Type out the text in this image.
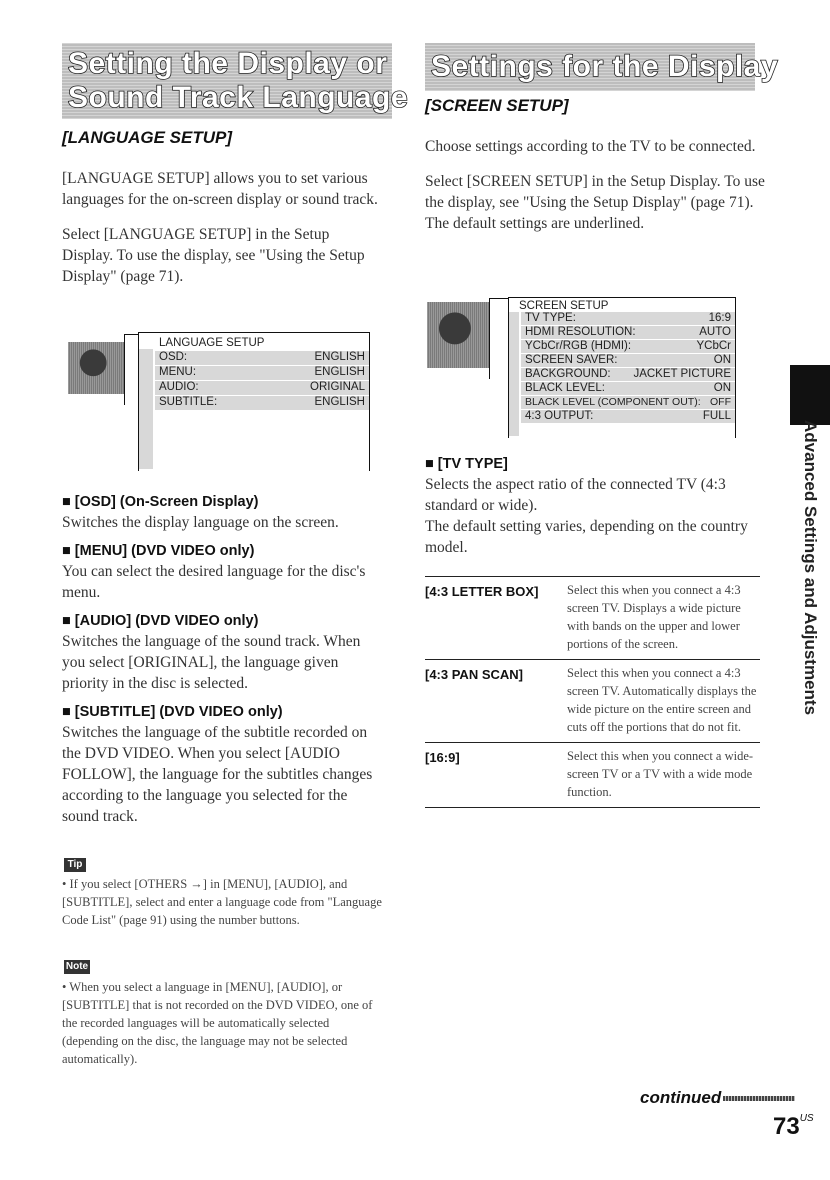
Setting the Display or
Sound Track Language
[LANGUAGE SETUP]

[LANGUAGE SETUP] allows you to set various languages for the on-screen display or sound track.

Select [LANGUAGE SETUP] in the Setup Display. To use the display, see "Using the Setup Display" (page 71).

LANGUAGE SETUP
OSD:	ENGLISH
MENU:	ENGLISH
AUDIO:	ORIGINAL
SUBTITLE:	ENGLISH
■ [OSD] (On-Screen Display)

Switches the display language on the screen.

■ [MENU] (DVD VIDEO only)

You can select the desired language for the disc's menu.

■ [AUDIO] (DVD VIDEO only)

Switches the language of the sound track. When you select [ORIGINAL], the language given priority in the disc is selected.

■ [SUBTITLE] (DVD VIDEO only)

Switches the language of the subtitle recorded on the DVD VIDEO. When you select [AUDIO FOLLOW], the language for the subtitles changes according to the language you selected for the sound track.

Tip
• If you select [OTHERS →] in [MENU], [AUDIO], and [SUBTITLE], select and enter a language code from "Language Code List" (page 91) using the number buttons.
Note
• When you select a language in [MENU], [AUDIO], or [SUBTITLE] that is not recorded on the DVD VIDEO, one of the recorded languages will be automatically selected (depending on the disc, the language may not be selected automatically).
Settings for the Display
[SCREEN SETUP]

Choose settings according to the TV to be connected.

Select [SCREEN SETUP] in the Setup Display. To use the display, see "Using the Setup Display" (page 71). The default settings are underlined.

SCREEN SETUP
TV TYPE:	16:9
HDMI RESOLUTION:	AUTO
YCbCr/RGB (HDMI):	YCbCr
SCREEN SAVER:	ON
BACKGROUND: JACKET PICTURE
BLACK LEVEL:	ON
BLACK LEVEL (COMPONENT OUT): OFF
4:3 OUTPUT:	FULL
■ [TV TYPE]

Selects the aspect ratio of the connected TV (4:3 standard or wide).

The default setting varies, depending on the country model.

[4:3 LETTER BOX]	Select this when you connect a 4:3 screen TV. Displays a wide picture with bands on the upper and lower portions of the screen.
[4:3 PAN SCAN]	Select this when you connect a 4:3 screen TV. Automatically displays the wide picture on the entire screen and cuts off the portions that do not fit.
[16:9]	Select this when you connect a wide-screen TV or a TV with a wide mode function.
Advanced Settings and Adjustments
continued
$73^{US}$
